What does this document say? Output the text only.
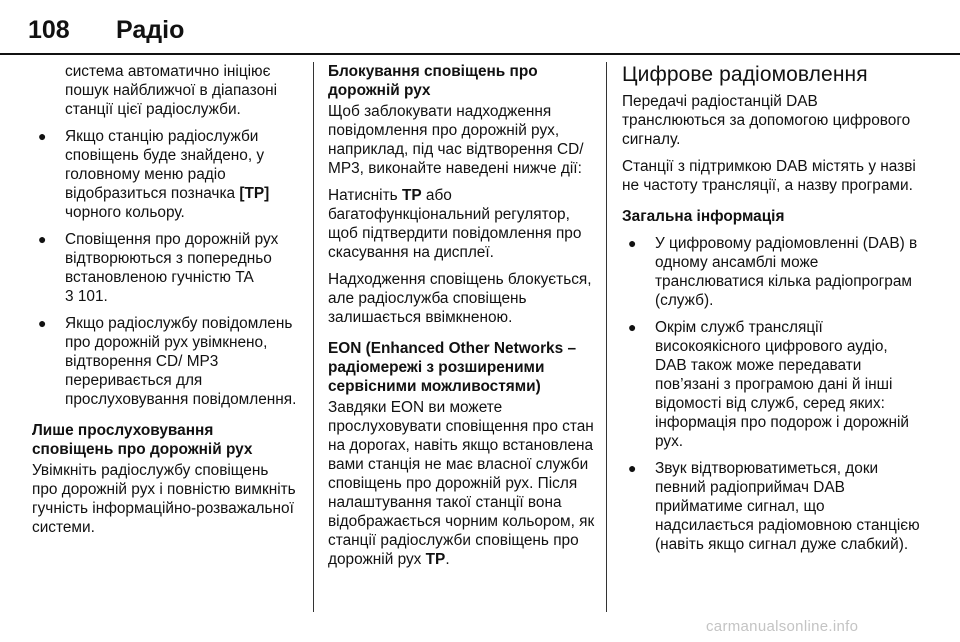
108 Радіо

система автоматично ініціює пошук найближчої в діапазоні станції цієї радіослужби.

● Якщо станцію радіослужби сповіщень буде знайдено, у головному меню радіо відобразиться позначка [TP] чорного кольору.
● Сповіщення про дорожній рух відтворюються з попередньо встановленою гучністю TA
3 101.
● Якщо радіослужбу повідомлень про дорожній рух увімкнено, відтворення CD/ MP3 переривається для прослуховування повідомлення.
Лише прослуховування сповіщень про дорожній рух

Увімкніть радіослужбу сповіщень про дорожній рух і повністю вимкніть гучність інформаційно-розважальної системи.

Блокування сповіщень про дорожній рух

Щоб заблокувати надходження повідомлення про дорожній рух, наприклад, під час відтворення CD/ MP3, виконайте наведені нижче дії:

Натисніть TP або багатофункціональний регулятор, щоб підтвердити повідомлення про скасування на дисплеї.

Надходження сповіщень блокується, але радіослужба сповіщень залишається ввімкненою.

EON (Enhanced Other Networks – радіомережі з розширеними сервісними можливостями)

Завдяки EON ви можете прослуховувати сповіщення про стан на дорогах, навіть якщо встановлена вами станція не має власної служби сповіщень про дорожній рух. Після налаштування такої станції вона відображається чорним кольором, як станції радіослужби сповіщень про дорожній рух TP.

Цифрове радіомовлення

Передачі радіостанцій DAB транслюються за допомогою цифрового сигналу.

Станції з підтримкою DAB містять у назві не частоту трансляції, а назву програми.

Загальна інформація
● У цифровому радіомовленні (DAB) в одному ансамблі може транслюватися кілька радіопрограм (служб).
● Окрім служб трансляції високоякісного цифрового аудіо, DAB також може передавати пов’язані з програмою дані й інші відомості від служб, серед яких: інформація про подорож і дорожній рух.
● Звук відтворюватиметься, доки певний радіоприймач DAB прийматиме сигнал, що надсилається радіомовною станцією (навіть якщо сигнал дуже слабкий).
carmanualsonline.info
